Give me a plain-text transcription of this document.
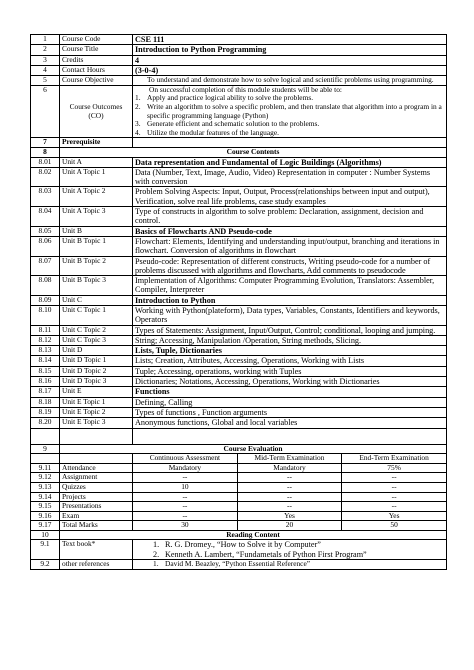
1	Course Code	CSE 111
2	Course Title	Introduction to Python Programming
3	Credits	4
4	Contact Hours	(3-0-4)
5	Course Objective	To understand and demonstrate how to solve logical and scientific problems using programming.
6	Course Outcomes (CO)	
On successful completion of this module students will be able to:
1. Apply and practice logical ability to solve the problems.
2. Write an algorithm to solve a specific problem, and then translate that algorithm into a program in a specific programming language (Python)
3. Generate efficient and schematic solution to the problems.
4. Utilize the modular features of the language.

7	Prerequisite	
8	Course Contents
8.01	Unit A	Data representation and Fundamental of Logic Buildings (Algorithms)
8.02	Unit A Topic 1	Data (Number, Text, Image, Audio, Video) Representation in computer : Number Systems with conversion
8.03	Unit A Topic 2	Problem Solving Aspects: Input, Output, Process(relationships between input and output), Verification, solve real life problems, case study examples
8.04	Unit A Topic 3	Type of constructs in algorithm to solve problem: Declaration, assignment, decision and control.
8.05	Unit B	Basics of Flowcharts AND Pseudo-code
8.06	Unit B Topic 1	Flowchart: Elements, Identifying and understanding input/output, branching and iterations in flowchart. Conversion of algorithms in flowchart
8.07	Unit B Topic 2	Pseudo-code: Representation of different constructs, Writing pseudo-code for a number of problems discussed with algorithms and flowcharts, Add comments to pseudocode
8.08	Unit B Topic 3	Implementation of Algorithms: Computer Programming Evolution, Translators: Assembler, Compiler, Interpreter
8.09	Unit C	Introduction to Python
8.10	Unit C Topic 1	Working with Python(plateform), Data types, Variables, Constants, Identifiers and keywords, Operators
8.11	Unit C Topic 2	Types of Statements: Assignment, Input/Output, Control; conditional, looping and jumping.
8.12	Unit C Topic 3	String; Accessing, Manipulation /Operation, String methods, Slicing.
8.13	Unit D	Lists, Tuple, Dictionaries
8.14	Unit D Topic 1	Lists; Creation, Attributes, Accessing, Operations, Working with Lists
8.15	Unit D Topic 2	Tuple; Accessing, operations, working with Tuples
8.16	Unit D Topic 3	Dictionaries; Notations, Accessing, Operations, Working with Dictionaries
8.17	Unit E	Functions
8.18	Unit E Topic 1	Defining, Calling
8.19	Unit E Topic 2	Types of functions , Function arguments
8.20	Unit E Topic 3	Anonymous functions, Global and local variables

9	Course Evaluation

Continuous Assessment	Mid-Term Examination	End-Term Examination

9.11	Attendance		Mandatory	Mandatory	75%

9.12	Assignment		--	--	--

9.13	Quizzes		10	--	--

9.14	Projects		--	--	--

9.15	Presentations		--	--	--

9.16	Exam		--	Yes	Yes

9.17	Total Marks		30	20	50

10	Reading Content
9.1	Text book*	1. R. G. Dromey., “How to Solve it by Computer”
2. Kenneth A. Lambert, “Fundametals of Python First Program”

9.2	other references	1. David M. Beazley, “Python Essential Reference”
